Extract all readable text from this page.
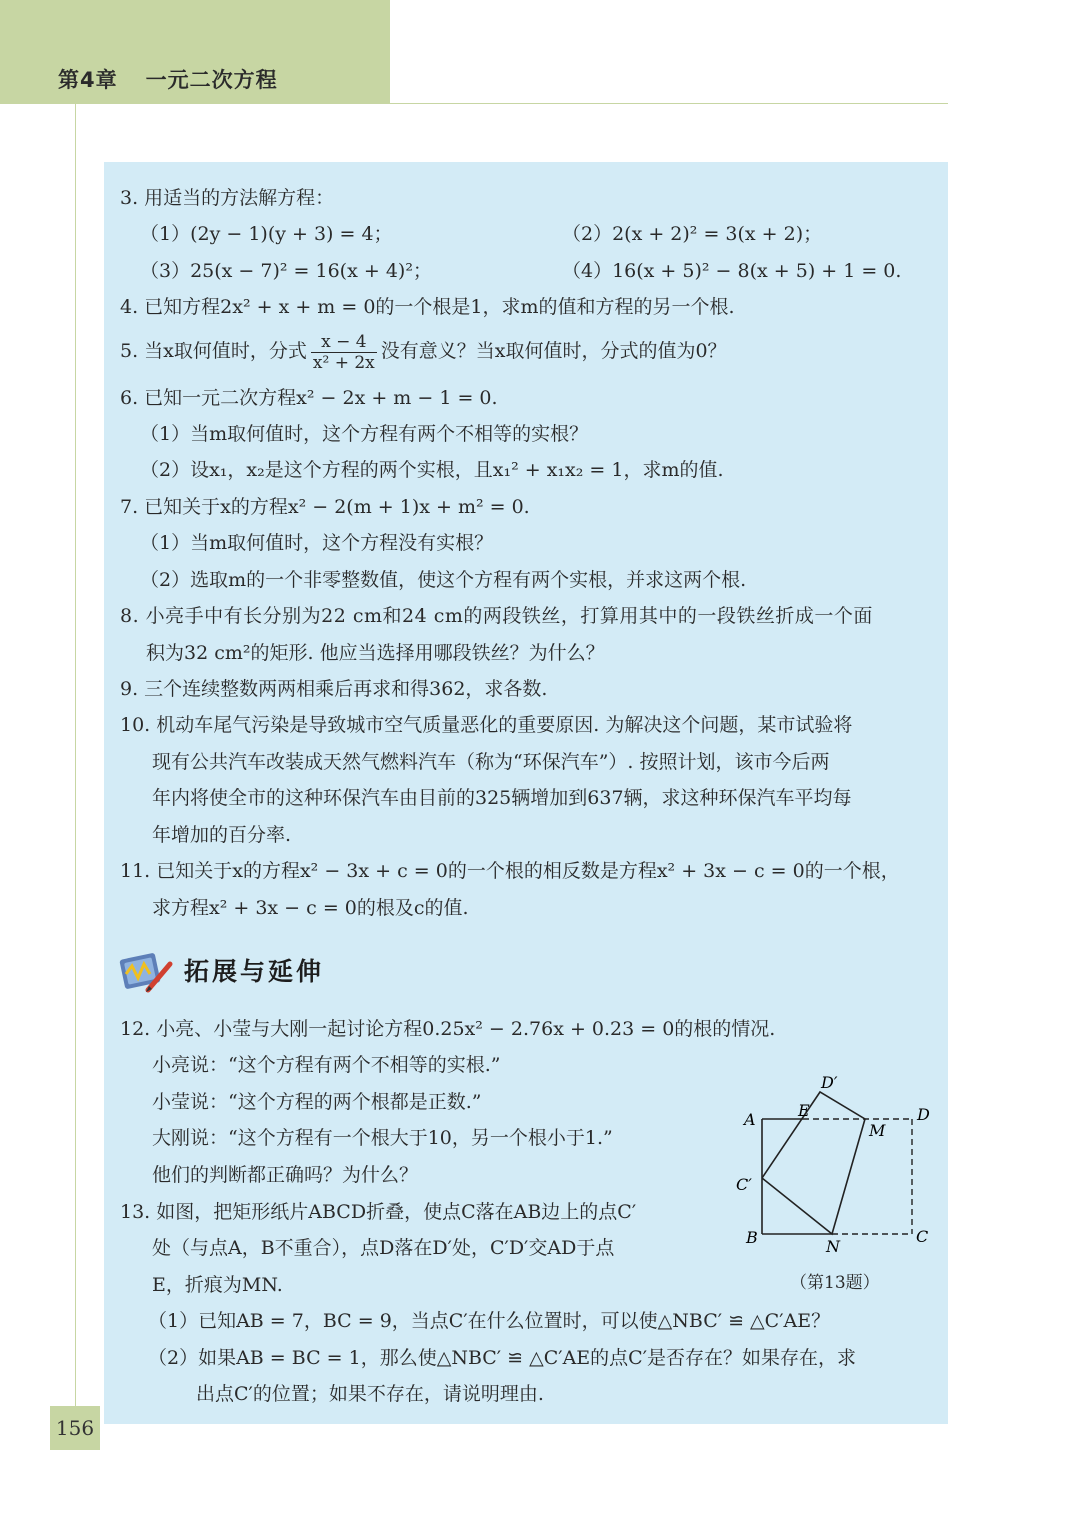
第4章 一元二次方程
3. 用适当的方法解方程：
（1）(2y − 1)(y + 3) = 4；	（2）2(x + 2)² = 3(x + 2)；
（3）25(x − 7)² = 16(x + 4)²；	（4）16(x + 5)² − 8(x + 5) + 1 = 0.
4. 已知方程2x² + x + m = 0的一个根是1，求m的值和方程的另一个根.
5. 当x取何值时，分式 $\frac{x - 4}{\text{x² + 2x}}$ 没有意义？当x取何值时，分式的值为0？
6. 已知一元二次方程x² − 2x + m − 1 = 0.
（1）当m取何值时，这个方程有两个不相等的实根？
（2）设x₁，x₂是这个方程的两个实根，且x₁² + x₁x₂ = 1，求m的值.
7. 已知关于x的方程x² − 2(m + 1)x + m² = 0.
（1）当m取何值时，这个方程没有实根？
（2）选取m的一个非零整数值，使这个方程有两个实根，并求这两个根.
8. 小亮手中有长分别为22 cm和24 cm的两段铁丝，打算用其中的一段铁丝折成一个面
积为32 cm²的矩形. 他应当选择用哪段铁丝？为什么？
9. 三个连续整数两两相乘后再求和得362，求各数.
10. 机动车尾气污染是导致城市空气质量恶化的重要原因. 为解决这个问题，某市试验将
现有公共汽车改装成天然气燃料汽车（称为“环保汽车”）. 按照计划，该市今后两
年内将使全市的这种环保汽车由目前的325辆增加到637辆，求这种环保汽车平均每
年增加的百分率.
11. 已知关于x的方程x² − 3x + c = 0的一个根的相反数是方程x² + 3x − c = 0的一个根，
求方程x² + 3x − c = 0的根及c的值.
拓展与延伸
12. 小亮、小莹与大刚一起讨论方程0.25x² − 2.76x + 0.23 = 0的根的情况.
小亮说：“这个方程有两个不相等的实根.”
小莹说：“这个方程的两个根都是正数.”
大刚说：“这个方程有一个根大于10，另一个根小于1.”
他们的判断都正确吗？为什么？
13. 如图，把矩形纸片ABCD折叠，使点C落在AB边上的点C′
处（与点A，B不重合），点D落在D′处，C′D′交AD于点
E，折痕为MN.
（1）已知AB = 7，BC = 9，当点C′在什么位置时，可以使△NBC′ ≌ △C′AE？
（2）如果AB = BC = 1，那么使△NBC′ ≌ △C′AE的点C′是否存在？如果存在，求
出点C′的位置；如果不存在，请说明理由.
A
B	C
D
D′
E
M
C′
N
（第13题）
156
